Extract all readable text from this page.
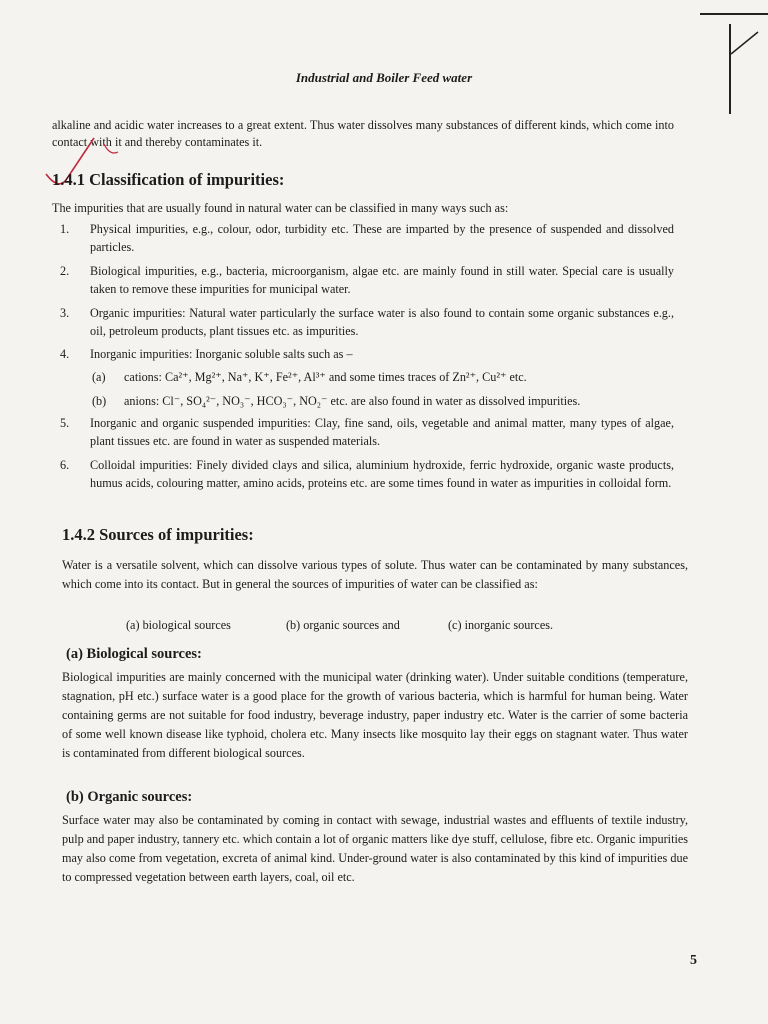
Industrial and Boiler Feed water
alkaline and acidic water increases to a great extent. Thus water dissolves many substances of different kinds, which come into contact with it and thereby contaminates it.
1.4.1 Classification of impurities:
The impurities that are usually found in natural water can be classified in many ways such as:
1. Physical impurities, e.g., colour, odor, turbidity etc. These are imparted by the presence of suspended and dissolved particles.
2. Biological impurities, e.g., bacteria, microorganism, algae etc. are mainly found in still water. Special care is usually taken to remove these impurities for municipal water.
3. Organic impurities: Natural water particularly the surface water is also found to contain some organic substances e.g., oil, petroleum products, plant tissues etc. as impurities.
4. Inorganic impurities: Inorganic soluble salts such as –
(a) cations: Ca²⁺, Mg²⁺, Na⁺, K⁺, Fe²⁺, Al³⁺ and some times traces of Zn²⁺, Cu²⁺ etc.
(b) anions: Cl⁻, SO₄²⁻, NO₃⁻, HCO₃⁻, NO₂⁻ etc. are also found in water as dissolved impurities.
5. Inorganic and organic suspended impurities: Clay, fine sand, oils, vegetable and animal matter, many types of algae, plant tissues etc. are found in water as suspended materials.
6. Colloidal impurities: Finely divided clays and silica, aluminium hydroxide, ferric hydroxide, organic waste products, humus acids, colouring matter, amino acids, proteins etc. are some times found in water as impurities in colloidal form.
1.4.2 Sources of impurities:
Water is a versatile solvent, which can dissolve various types of solute. Thus water can be contaminated by many substances, which come into its contact. But in general the sources of impurities of water can be classified as:
(a) biological sources	(b) organic sources and	(c) inorganic sources.
(a) Biological sources:
Biological impurities are mainly concerned with the municipal water (drinking water). Under suitable conditions (temperature, stagnation, pH etc.) surface water is a good place for the growth of various bacteria, which is harmful for human being. Water containing germs are not suitable for food industry, beverage industry, paper industry etc. Water is the carrier of some bacteria of some well known disease like typhoid, cholera etc. Many insects like mosquito lay their eggs on stagnant water. Thus water is contaminated from different biological sources.
(b) Organic sources:
Surface water may also be contaminated by coming in contact with sewage, industrial wastes and effluents of textile industry, pulp and paper industry, tannery etc. which contain a lot of organic matters like dye stuff, cellulose, fibre etc. Organic impurities may also come from vegetation, excreta of animal kind. Under-ground water is also contaminated by this kind of impurities due to compressed vegetation between earth layers, coal, oil etc.
5
